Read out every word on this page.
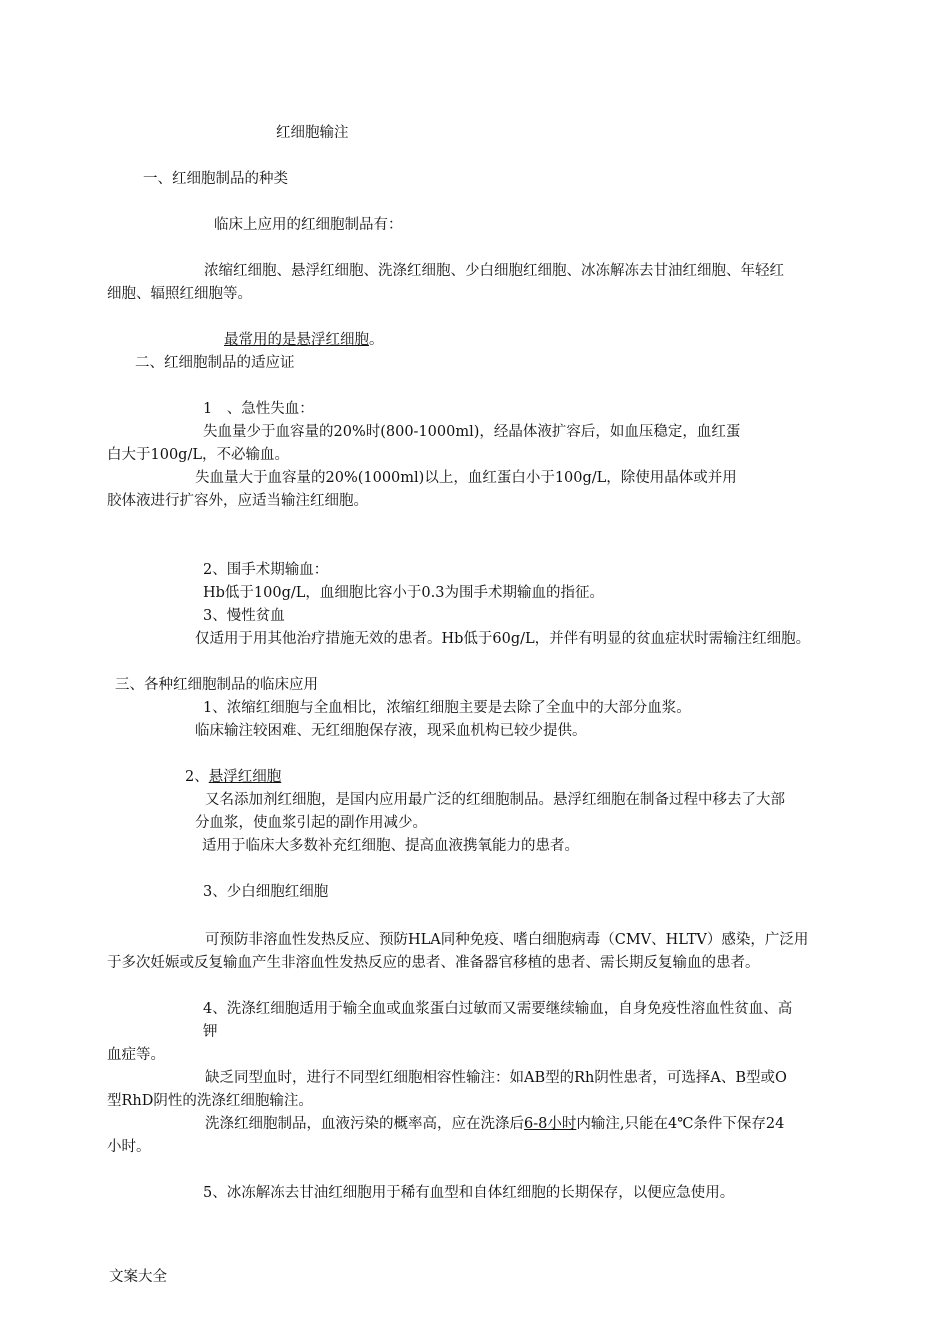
红细胞输注
一、红细胞制品的种类
临床上应用的红细胞制品有：
浓缩红细胞、悬浮红细胞、洗涤红细胞、少白细胞红细胞、冰冻解冻去甘油红细胞、年轻红
细胞、辐照红细胞等。
最常用的是悬浮红细胞。
二、红细胞制品的适应证
1　、急性失血：
失血量少于血容量的20%时(800-1000ml)，经晶体液扩容后，如血压稳定，血红蛋
白大于100g/L，不必输血。
失血量大于血容量的20%(1000ml)以上，血红蛋白小于100g/L，除使用晶体或并用
胶体液进行扩容外，应适当输注红细胞。
2、围手术期输血：
Hb低于100g/L，血细胞比容小于0.3为围手术期输血的指征。
3、慢性贫血
仅适用于用其他治疗措施无效的患者。Hb低于60g/L，并伴有明显的贫血症状时需输注红细胞。
三、各种红细胞制品的临床应用
1、浓缩红细胞与全血相比，浓缩红细胞主要是去除了全血中的大部分血浆。
临床输注较困难、无红细胞保存液，现采血机构已较少提供。
2、悬浮红细胞
又名添加剂红细胞，是国内应用最广泛的红细胞制品。悬浮红细胞在制备过程中移去了大部
分血浆，使血浆引起的副作用减少。
适用于临床大多数补充红细胞、提高血液携氧能力的患者。
3、少白细胞红细胞
可预防非溶血性发热反应、预防HLA同种免疫、嗜白细胞病毒（CMV、HLTV）感染，广泛用
于多次妊娠或反复输血产生非溶血性发热反应的患者、准备器官移植的患者、需长期反复输血的患者。
4、洗涤红细胞适用于输全血或血浆蛋白过敏而又需要继续输血，自身免疫性溶血性贫血、高
钾
血症等。
缺乏同型血时，进行不同型红细胞相容性输注：如AB型的Rh阴性患者，可选择A、B型或O
型RhD阴性的洗涤红细胞输注。
洗涤红细胞制品，血液污染的概率高，应在洗涤后6-8小时内输注,只能在4℃条件下保存24
小时。
5、冰冻解冻去甘油红细胞用于稀有血型和自体红细胞的长期保存，以便应急使用。
文案大全
